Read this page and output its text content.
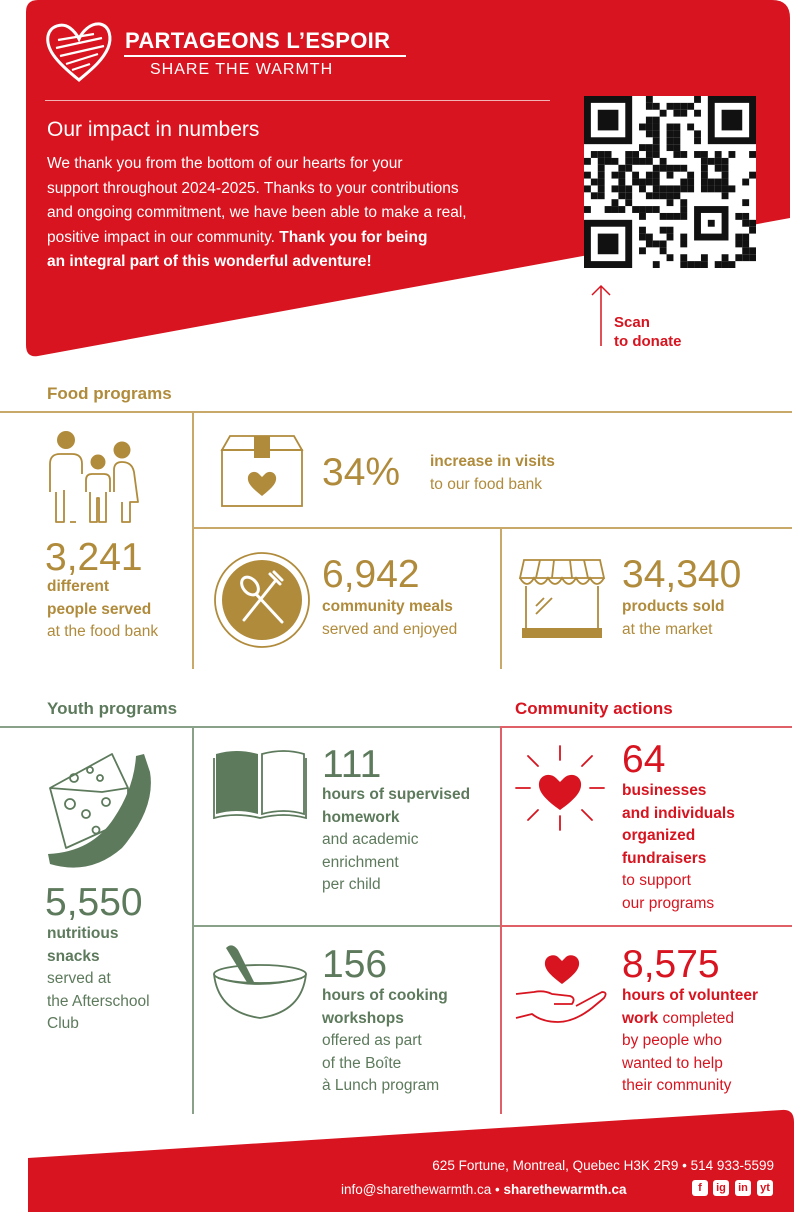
PARTAGEONS L’ESPOIR
SHARE THE WARMTH
Our impact in numbers
We thank you from the bottom of our hearts for your
support throughout 2024-2025. Thanks to your contributions
and ongoing commitment, we have been able to make a real,
positive impact in our community. Thank you for being
an integral part of this wonderful adventure!
Scan
to donate
Food programs
3,241
different
people served
at the food bank
34% increase in visits
to our food bank
6,942
community meals
served and enjoyed
34,340
products sold
at the market
Youth programs	Community actions
5,550
nutritious
snacks
served at
the Afterschool
Club
111
hours of supervised
homework
and academic
enrichment
per child
156
hours of cooking
workshops
offered as part
of the Boîte
à Lunch program
64
businesses
and individuals
organized
fundraisers
to support
our programs
8,575
hours of volunteer
work completed
by people who
wanted to help
their community
625 Fortune, Montreal, Quebec H3K 2R9 • 514 933-5599
info@sharethewarmth.ca • sharethewarmth.ca	f	ig in yt
